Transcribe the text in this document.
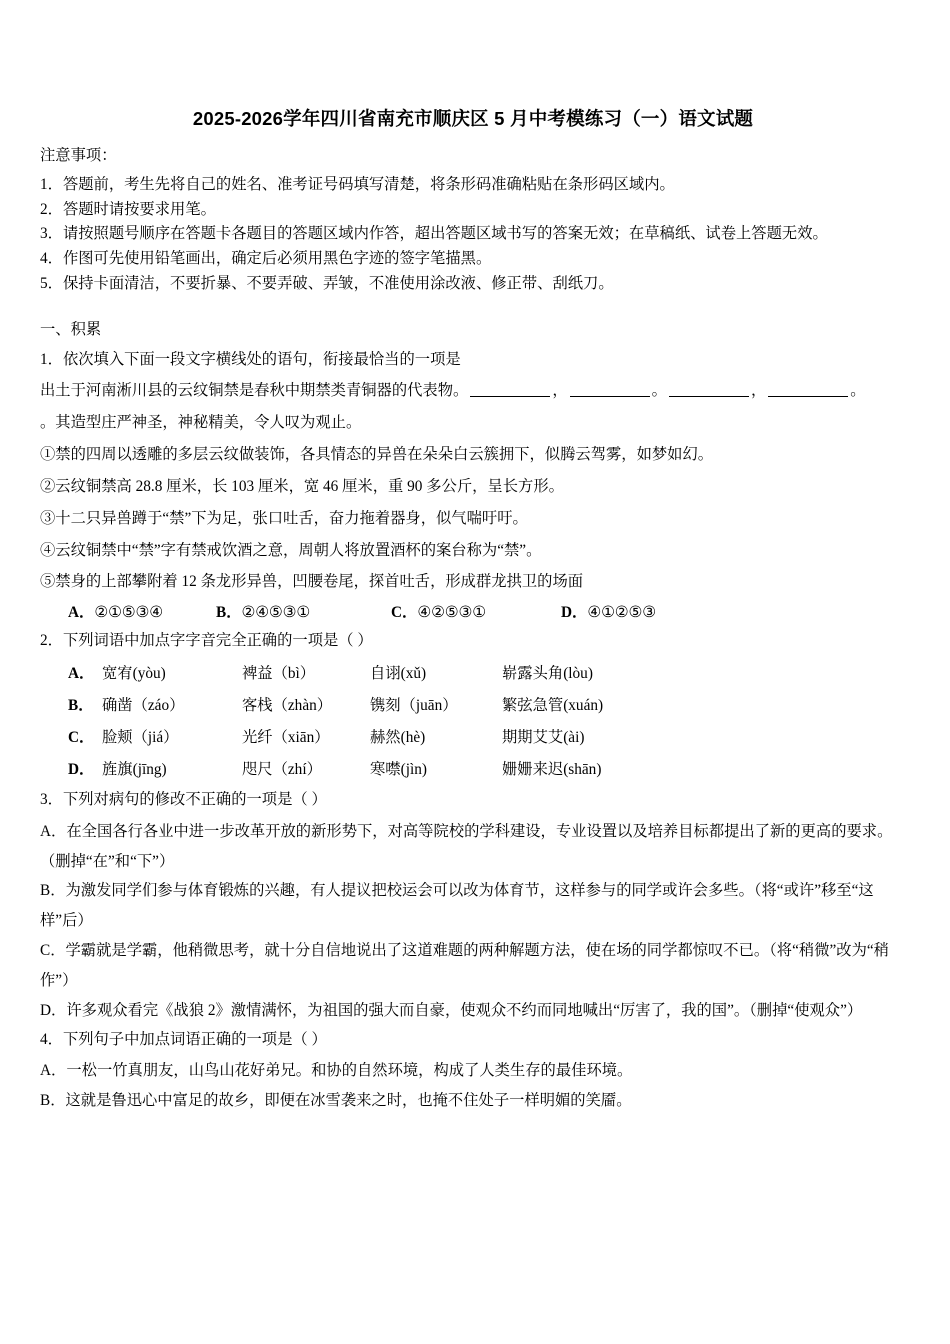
2025-2026学年四川省南充市顺庆区 5 月中考模练习（一）语文试题
注意事项：
1．答题前，考生先将自己的姓名、准考证号码填写清楚，将条形码准确粘贴在条形码区域内。
2．答题时请按要求用笔。
3．请按照题号顺序在答题卡各题目的答题区域内作答，超出答题区域书写的答案无效；在草稿纸、试卷上答题无效。
4．作图可先使用铅笔画出，确定后必须用黑色字迹的签字笔描黑。
5．保持卡面清洁，不要折暴、不要弄破、弄皱，不准使用涂改液、修正带、刮纸刀。
一、积累
1．依次填入下面一段文字横线处的语句，衔接最恰当的一项是
出土于河南淅川县的云纹铜禁是春秋中期禁类青铜器的代表物。	，	。	，	。
。其造型庄严神圣，神秘精美，令人叹为观止。
①禁的四周以透雕的多层云纹做装饰，各具情态的异兽在朵朵白云簇拥下，似腾云驾雾，如梦如幻。
②云纹铜禁高 28.8 厘米，长 103 厘米，宽 46 厘米，重 90 多公斤，呈长方形。
③十二只异兽蹲于“禁”下为足，张口吐舌，奋力拖着器身，似气喘吁吁。
④云纹铜禁中“禁”字有禁戒饮酒之意，周朝人将放置酒杯的案台称为“禁”。
⑤禁身的上部攀附着 12 条龙形异兽，凹腰卷尾，探首吐舌，形成群龙拱卫的场面
A．②①⑤③④	B．②④⑤③①	C．④②⑤③①	D．④①②⑤③
2．下列词语中加点字字音完全正确的一项是（ ）
A． 宽宥(yòu)	裨益（bì）	自诩(xǔ)	崭露头角(lòu)
B． 确凿（záo）	客栈（zhàn）	镌刻（juān）	繁弦急管(xuán)
C． 脸颊（jiá）	光纤（xiān）	赫然(hè)	期期艾艾(ài)
D． 旌旗(jīng)	咫尺（zhí）	寒噤(jìn)	姗姗来迟(shān)
3．下列对病句的修改不正确的一项是（ ）
A．在全国各行各业中进一步改革开放的新形势下，对高等院校的学科建设，专业设置以及培养目标都提出了新的更高的要求。（删掉“在”和“下”）
B．为激发同学们参与体育锻炼的兴趣，有人提议把校运会可以改为体育节，这样参与的同学或许会多些。（将“或许”移至“这样”后）
C．学霸就是学霸，他稍微思考，就十分自信地说出了这道难题的两种解题方法，使在场的同学都惊叹不已。（将“稍微”改为“稍作”）
D．许多观众看完《战狼 2》激情满怀，为祖国的强大而自豪，使观众不约而同地喊出“厉害了，我的国”。（删掉“使观众”）
4．下列句子中加点词语正确的一项是（ ）
A．一松一竹真朋友，山鸟山花好弟兄。和协的自然环境，构成了人类生存的最佳环境。
B．这就是鲁迅心中富足的故乡，即便在冰雪袭来之时，也掩不住处子一样明媚的笑靥。
